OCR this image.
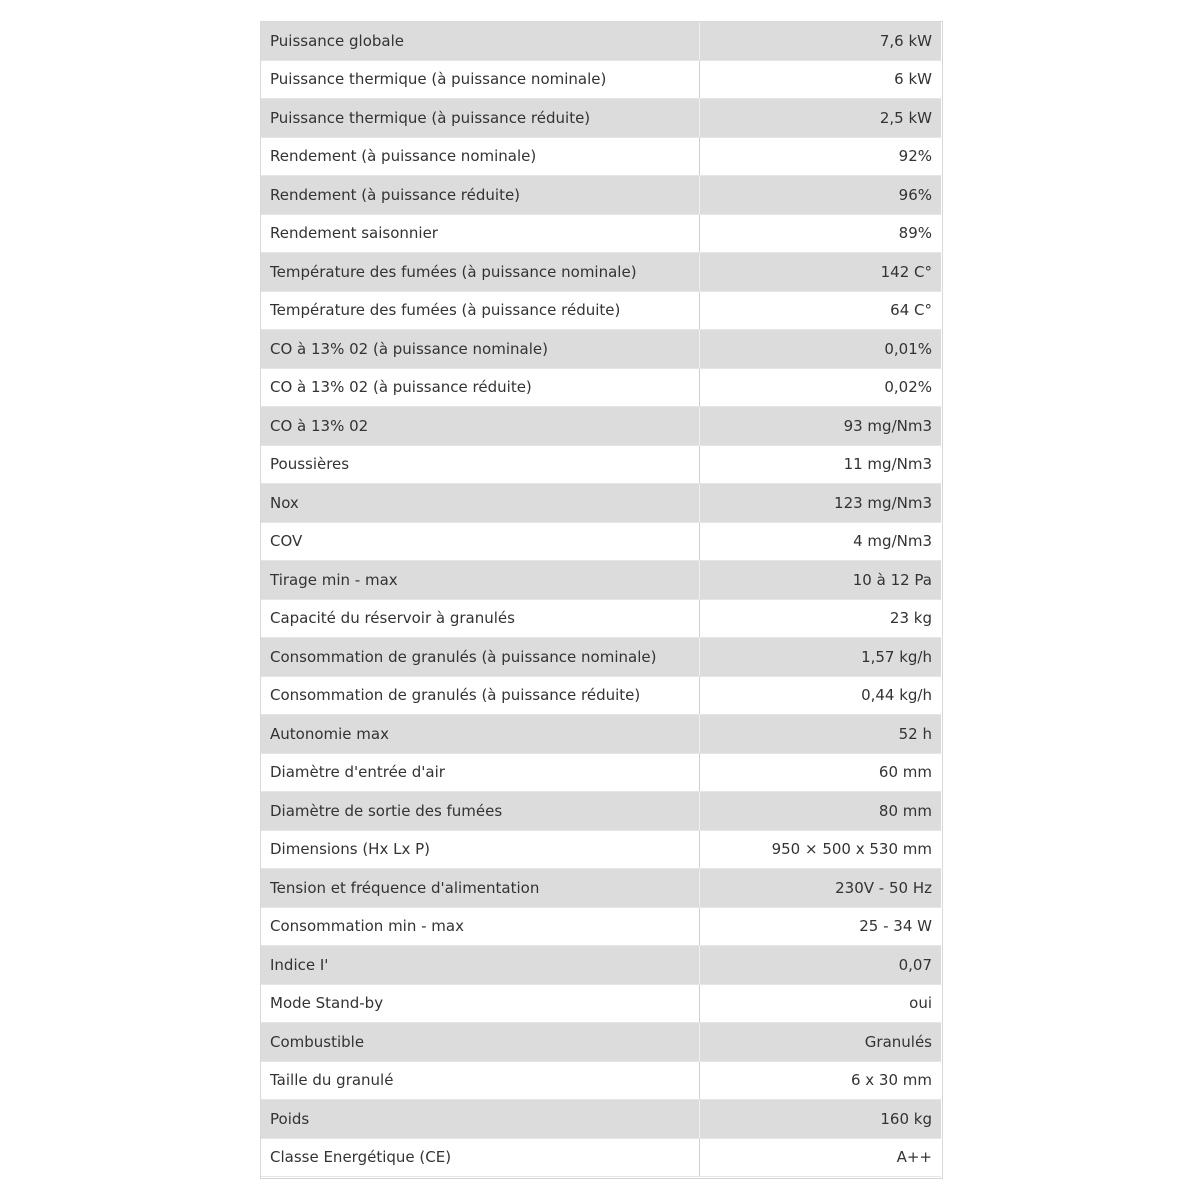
Puissance globale	7,6 kW
Puissance thermique (à puissance nominale)	6 kW
Puissance thermique (à puissance réduite)	2,5 kW
Rendement (à puissance nominale)	92%
Rendement (à puissance réduite)	96%
Rendement saisonnier	89%
Température des fumées (à puissance nominale)	142 C°
Température des fumées (à puissance réduite)	64 C°
CO à 13% 02 (à puissance nominale)	0,01%
CO à 13% 02 (à puissance réduite)	0,02%
CO à 13% 02	93 mg/Nm3
Poussières	11 mg/Nm3
Nox	123 mg/Nm3
COV	4 mg/Nm3
Tirage min - max	10 à 12 Pa
Capacité du réservoir à granulés	23 kg
Consommation de granulés (à puissance nominale)	1,57 kg/h
Consommation de granulés (à puissance réduite)	0,44 kg/h
Autonomie max	52 h
Diamètre d'entrée d'air	60 mm
Diamètre de sortie des fumées	80 mm
Dimensions (Hx Lx P)	950 × 500 x 530 mm
Tension et fréquence d'alimentation	230V - 50 Hz
Consommation min - max	25 - 34 W
Indice I'	0,07
Mode Stand-by	oui
Combustible	Granulés
Taille du granulé	6 x 30 mm
Poids	160 kg
Classe Energétique (CE)	A++
